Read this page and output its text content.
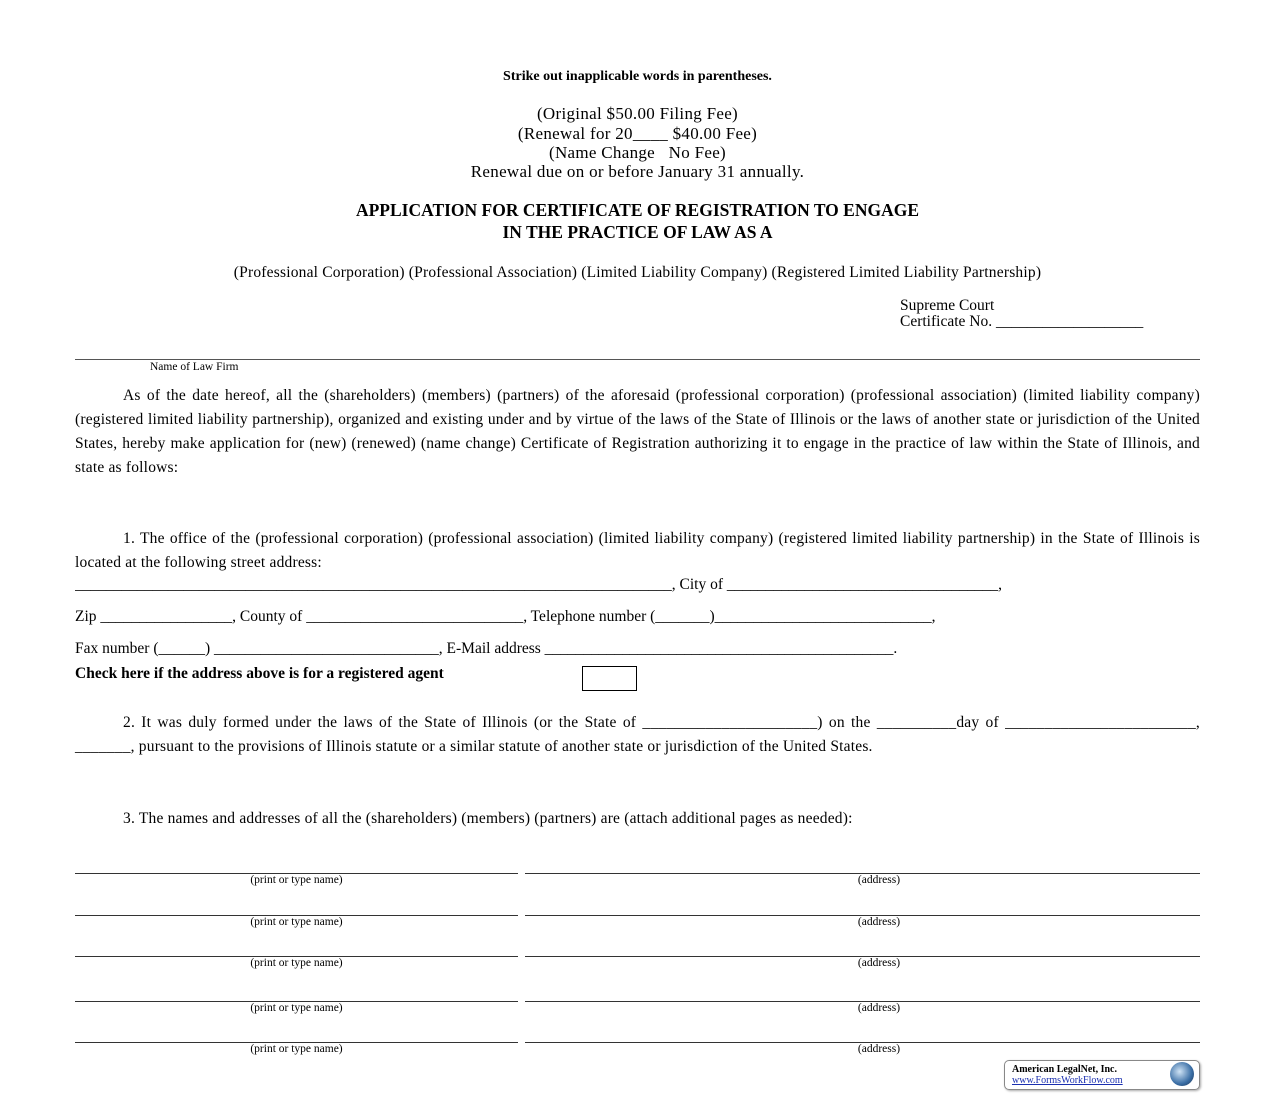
Strike out inapplicable words in parentheses.
(Original $50.00 Filing Fee)
(Renewal for 20____ $40.00 Fee)
(Name Change   No Fee)
Renewal due on or before January 31 annually.
APPLICATION FOR CERTIFICATE OF REGISTRATION TO ENGAGE
IN THE PRACTICE OF LAW AS A
(Professional Corporation) (Professional Association) (Limited Liability Company) (Registered Limited Liability Partnership)
Supreme Court
Certificate No. ___________________
Name of Law Firm
As of the date hereof, all the (shareholders) (members) (partners) of the aforesaid (professional corporation) (professional association) (limited liability company) (registered limited liability partnership), organized and existing under and by virtue of the laws of the State of Illinois or the laws of another state or jurisdiction of the United States, hereby make application for (new) (renewed) (name change) Certificate of Registration authorizing it to engage in the practice of law within the State of Illinois, and state as follows:
1. The office of the (professional corporation) (professional association) (limited liability company) (registered limited liability partnership) in the State of Illinois is located at the following street address:
_____________________________________________________________________________, City of ___________________________________,
Zip _________________, County of ____________________________, Telephone number (_______)____________________________,
Fax number (______) _____________________________, E-Mail address _____________________________________________.
Check here if the address above is for a registered agent
2. It was duly formed under the laws of the State of Illinois (or the State of ______________________) on the __________day of ________________________, _______, pursuant to the provisions of Illinois statute or a similar statute of another state or jurisdiction of the United States.
3. The names and addresses of all the (shareholders) (members) (partners) are (attach additional pages as needed):
(print or type name)	(address)
(print or type name)	(address)
(print or type name)	(address)
(print or type name)	(address)
(print or type name)	(address)
American LegalNet, Inc.
www.FormsWorkFlow.com
